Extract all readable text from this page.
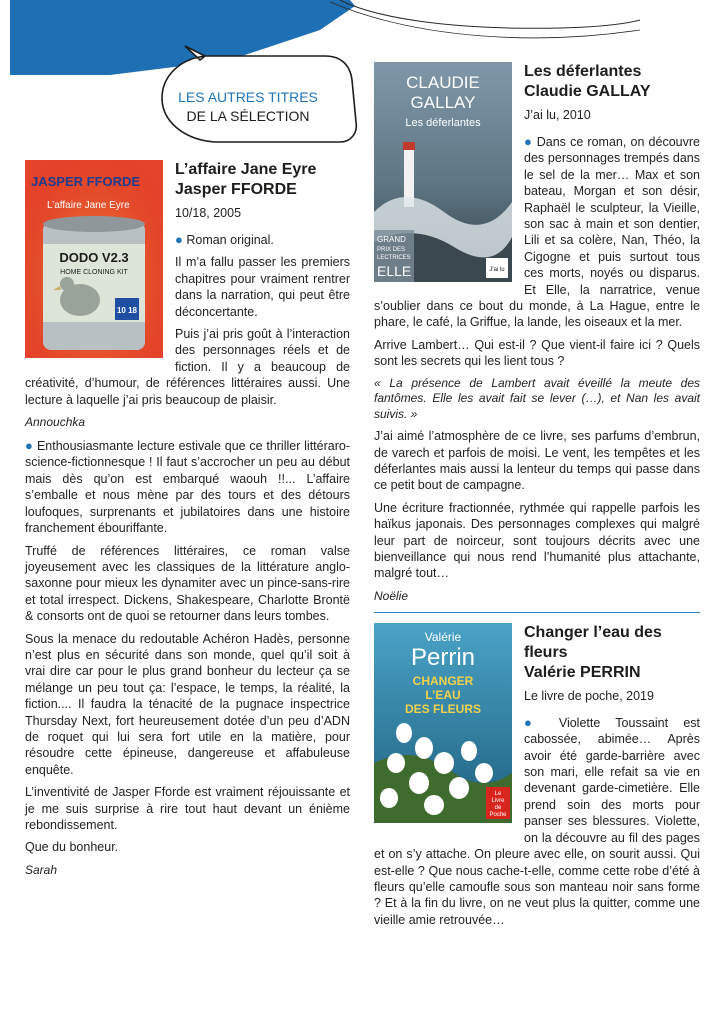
LES AUTRES TITRES
DE LA SÉLECTION
JASPER FFORDE
L’affaire Jane Eyre
DODO V2.3
HOME CLONING KIT
10 18
L’affaire Jane Eyre
Jasper FFORDE
10/18, 2005

● Roman original.

Il m’a fallu passer les premiers chapitres pour vraiment rentrer dans la narration, qui peut être déconcertante.

Puis j’ai pris goût à l’interaction des personnages réels et de fiction. Il y a beaucoup de créativité, d’humour, de références littéraires aussi. Une lecture à laquelle j’ai pris beaucoup de plaisir.

Annouchka

● Enthousiasmante lecture estivale que ce thriller littéraro-science-fictionnesque ! Il faut s’accrocher un peu au début mais dès qu’on est embarqué waouh !!... L’affaire s’emballe et nous mène par des tours et des détours loufoques, surprenants et jubilatoires dans une histoire franchement ébouriffante.

Truffé de références littéraires, ce roman valse joyeusement avec les classiques de la littérature anglo-saxonne pour mieux les dynamiter avec un pince-sans-rire et total irrespect. Dickens, Shakespeare, Charlotte Brontë & consorts ont de quoi se retourner dans leurs tombes.

Sous la menace du redoutable Achéron Hadès, personne n’est plus en sécurité dans son monde, quel qu’il soit à vrai dire car pour le plus grand bonheur du lecteur ça se mélange un peu tout ça: l’espace, le temps, la réalité, la fiction.... Il faudra la ténacité de la pugnace inspectrice Thursday Next, fort heureusement dotée d’un peu d’ADN de roquet qui lui sera fort utile en la matière, pour résoudre cette épineuse, dangereuse et affabuleuse enquête.

L’inventivité de Jasper Fforde est vraiment réjouissante et je me suis surprise à rire tout haut devant un énième rebondissement.

Que du bonheur.

Sarah
CLAUDIE
GALLAY
Les déferlantes
GRAND
PRIX DES
LECTRICES
ELLE	J'ai lu
Les déferlantes
Claudie GALLAY
J’ai lu, 2010

● Dans ce roman, on découvre des personnages trempés dans le sel de la mer… Max et son bateau, Morgan et son désir, Raphaël le sculpteur, la Vieille, son sac à main et son dentier, Lili et sa colère, Nan, Théo, la Cigogne et puis surtout tous ces morts, noyés ou disparus. Et Elle, la narratrice, venue s’oublier dans ce bout du monde, à La Hague, entre le phare, le café, la Griffue, la lande, les oiseaux et la mer.

Arrive Lambert… Qui est-il ? Que vient-il faire ici ? Quels sont les secrets qui les lient tous ?

« La présence de Lambert avait éveillé la meute des fantômes. Elle les avait fait se lever (…), et Nan les avait suivis. »

J’ai aimé l’atmosphère de ce livre, ses parfums d’embrun, de varech et parfois de moisi. Le vent, les tempêtes et les déferlantes mais aussi la lenteur du temps qui passe dans ce petit bout de campagne.

Une écriture fractionnée, rythmée qui rappelle parfois les haïkus japonais. Des personnages complexes qui malgré leur part de noirceur, sont toujours décrits avec une bienveillance qui nous rend l’humanité plus attachante, malgré tout…

Noëlie
Valérie
Perrin
CHANGER
L’EAU
DES FLEURS
Le
Livre
de
Poche
Changer l’eau des fleurs
Valérie PERRIN
Le livre de poche, 2019

● Violette Toussaint est cabossée, abimée… Après avoir été garde-barrière avec son mari, elle refait sa vie en devenant garde-cimetière. Elle prend soin des morts pour panser ses blessures. Violette, on la découvre au fil des pages et on s’y attache. On pleure avec elle, on sourit aussi. Qui est-elle ? Que nous cache-t-elle, comme cette robe d’été à fleurs qu’elle camoufle sous son manteau noir sans forme ? Et à la fin du livre, on ne veut plus la quitter, comme une vieille amie retrouvée…
